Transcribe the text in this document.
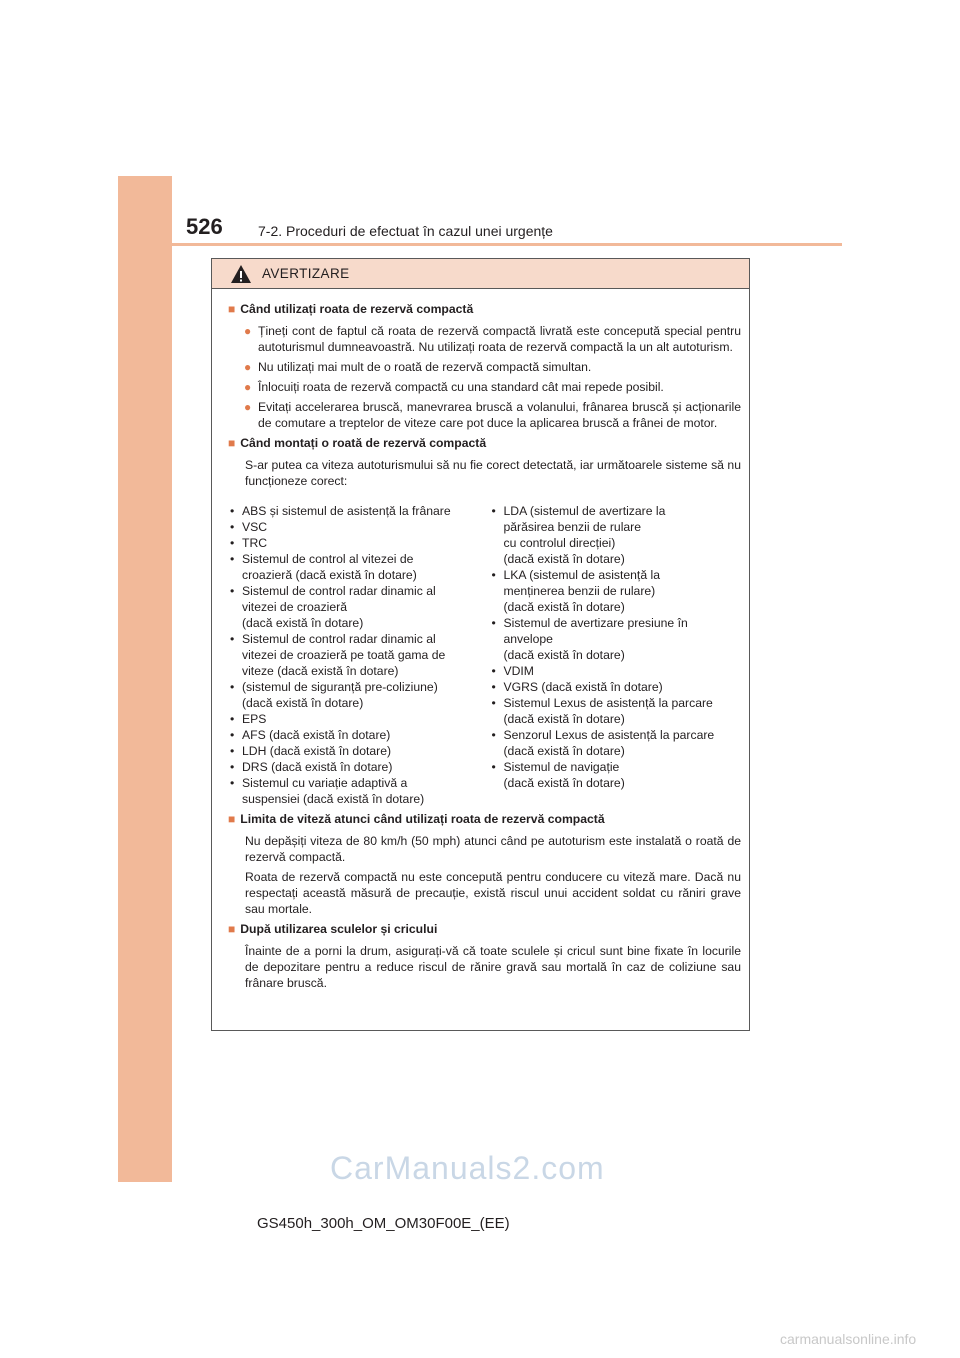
526	7-2. Proceduri de efectuat în cazul unei urgențe
AVERTIZARE
■ Când utilizați roata de rezervă compactă
● Țineți cont de faptul că roata de rezervă compactă livrată este concepută special pentru autoturismul dumneavoastră. Nu utilizați roata de rezervă compactă la un alt autoturism.

● Nu utilizați mai mult de o roată de rezervă compactă simultan.

● Înlocuiți roata de rezervă compactă cu una standard cât mai repede posibil.

● Evitați accelerarea bruscă, manevrarea bruscă a volanului, frânarea bruscă și acționarile de comutare a treptelor de viteze care pot duce la aplicarea bruscă a frânei de motor.

■ Când montați o roată de rezervă compactă

S-ar putea ca viteza autoturismului să nu fie corect detectată, iar următoarele sisteme să nu funcționeze corect:

• ABS și sistemul de asistență la frânare
• VSC
• TRC
• Sistemul de control al vitezei de
croazieră (dacă există în dotare)
• Sistemul de control radar dinamic al
vitezei de croazieră
(dacă există în dotare)
• Sistemul de control radar dinamic al
vitezei de croazieră pe toată gama de
viteze (dacă există în dotare)
• (sistemul de siguranță pre-coliziune)
(dacă există în dotare)
• EPS
• AFS (dacă există în dotare)
• LDH (dacă există în dotare)
• DRS (dacă există în dotare)
• Sistemul cu variație adaptivă a
suspensiei (dacă există în dotare)
• LDA (sistemul de avertizare la
părăsirea benzii de rulare
cu controlul direcției)
(dacă există în dotare)
• LKA (sistemul de asistență la
menținerea benzii de rulare)
(dacă există în dotare)
• Sistemul de avertizare presiune în
anvelope
(dacă există în dotare)
• VDIM
• VGRS (dacă există în dotare)
• Sistemul Lexus de asistență la parcare
(dacă există în dotare)
• Senzorul Lexus de asistență la parcare
(dacă există în dotare)
• Sistemul de navigație
(dacă există în dotare)
■ Limita de viteză atunci când utilizați roata de rezervă compactă

Nu depășiți viteza de 80 km/h (50 mph) atunci când pe autoturism este instalată o roată de rezervă compactă.

Roata de rezervă compactă nu este concepută pentru conducere cu viteză mare. Dacă nu respectați această măsură de precauție, există riscul unui accident soldat cu răniri grave sau mortale.

■ După utilizarea sculelor și cricului

Înainte de a porni la drum, asigurați-vă că toate sculele și cricul sunt bine fixate în locurile de depozitare pentru a reduce riscul de rănire gravă sau mortală în caz de coliziune sau frânare bruscă.

GS450h_300h_OM_OM30F00E_(EE)
CarManuals2.com
carmanualsonline.info
